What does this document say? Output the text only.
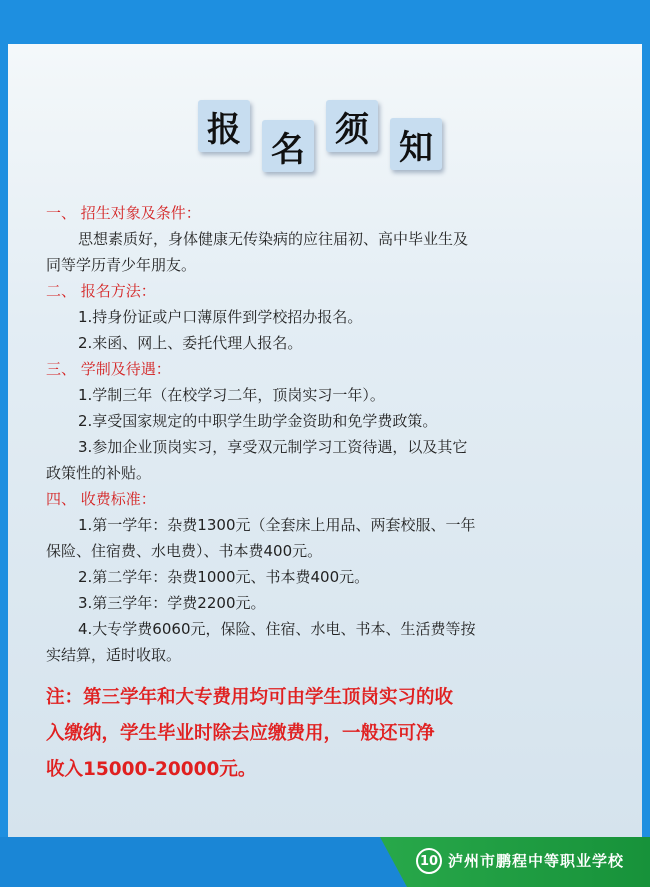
报 名 须 知

一、 招生对象及条件：

思想素质好，身体健康无传染病的应往届初、高中毕业生及

同等学历青少年朋友。

二、 报名方法：

1.持身份证或户口薄原件到学校招办报名。

2.来函、网上、委托代理人报名。

三、 学制及待遇：

1.学制三年（在校学习二年，顶岗实习一年）。

2.享受国家规定的中职学生助学金资助和免学费政策。

3.参加企业顶岗实习，享受双元制学习工资待遇，以及其它

政策性的补贴。

四、 收费标准：

1.第一学年：杂费1300元（全套床上用品、两套校服、一年

保险、住宿费、水电费）、书本费400元。

2.第二学年：杂费1000元、书本费400元。

3.第三学年：学费2200元。

4.大专学费6060元，保险、住宿、水电、书本、生活费等按

实结算，适时收取。

注：第三学年和大专费用均可由学生顶岗实习的收
入缴纳，学生毕业时除去应缴费用，一般还可净
收入15000-20000元。
10 泸州市鹏程中等职业学校
